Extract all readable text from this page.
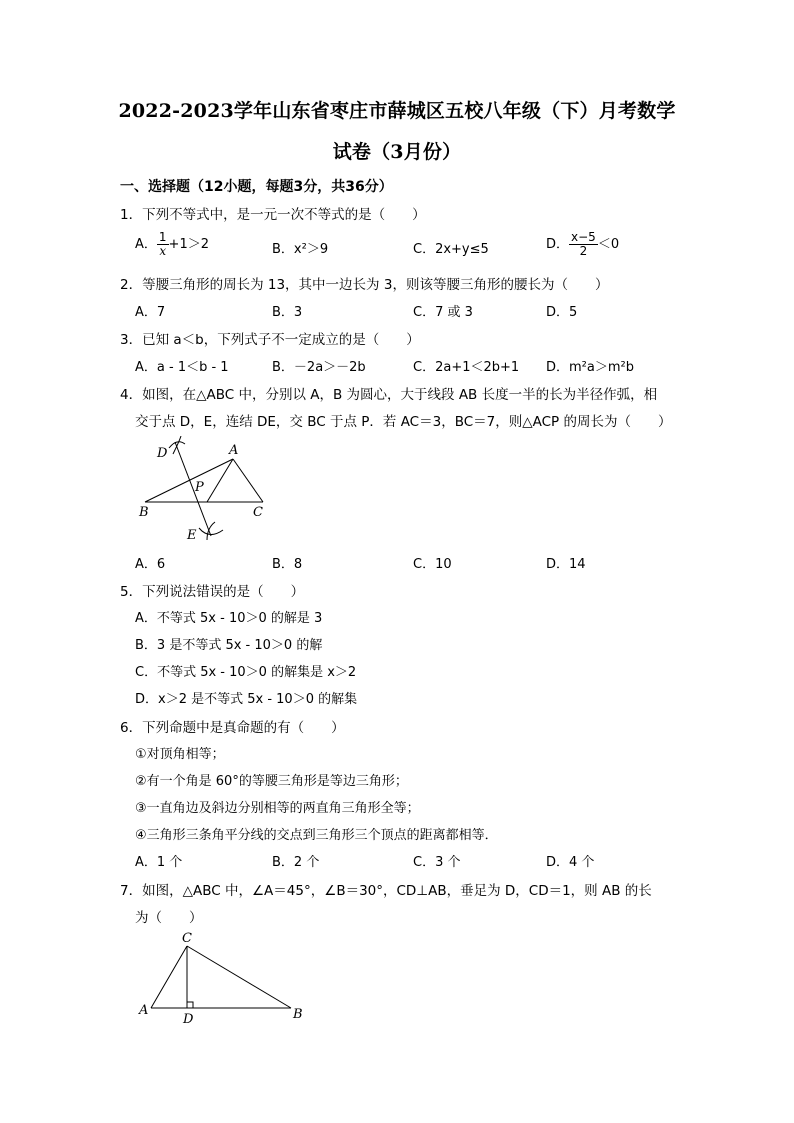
2022-2023学年山东省枣庄市薛城区五校八年级（下）月考数学
试卷（3月份）
一、选择题（12小题，每题3分，共36分）
1．下列不等式中，是一元一次不等式的是（　　）
A． $\frac{1}{x} +1>2$	B．x²＞9	C．2x+y≤5	D． $\frac{x-5}{2} <0$
2．等腰三角形的周长为 13，其中一边长为 3，则该等腰三角形的腰长为（　　）
A．7	B．3	C．7 或 3	D．5
3．已知 a＜b，下列式子不一定成立的是（　　）
A．a - 1＜b - 1	B．－2a＞－2b	C．2a+1＜2b+1 D．m²a＞m²b
4．如图，在△ABC 中，分别以 A，B 为圆心，大于线段 AB 长度一半的长为半径作弧，相
交于点 D，E，连结 DE，交 BC 于点 P．若 AC＝3，BC＝7，则△ACP 的周长为（　　）
D	A
P
B	C
E
A．6	B．8	C．10	D．14
5．下列说法错误的是（　　）
A．不等式 5x - 10＞0 的解是 3
B．3 是不等式 5x - 10＞0 的解
C．不等式 5x - 10＞0 的解集是 x＞2
D．x＞2 是不等式 5x - 10＞0 的解集
6．下列命题中是真命题的有（　　）
①对顶角相等；
②有一个角是 60°的等腰三角形是等边三角形；
③一直角边及斜边分别相等的两直角三角形全等；
④三角形三条角平分线的交点到三角形三个顶点的距离都相等．
A．1 个	B．2 个	C．3 个	D．4 个
7．如图，△ABC 中，∠A＝45°，∠B＝30°，CD⊥AB，垂足为 D，CD＝1，则 AB 的长
为（　　）
C
A
D	B
